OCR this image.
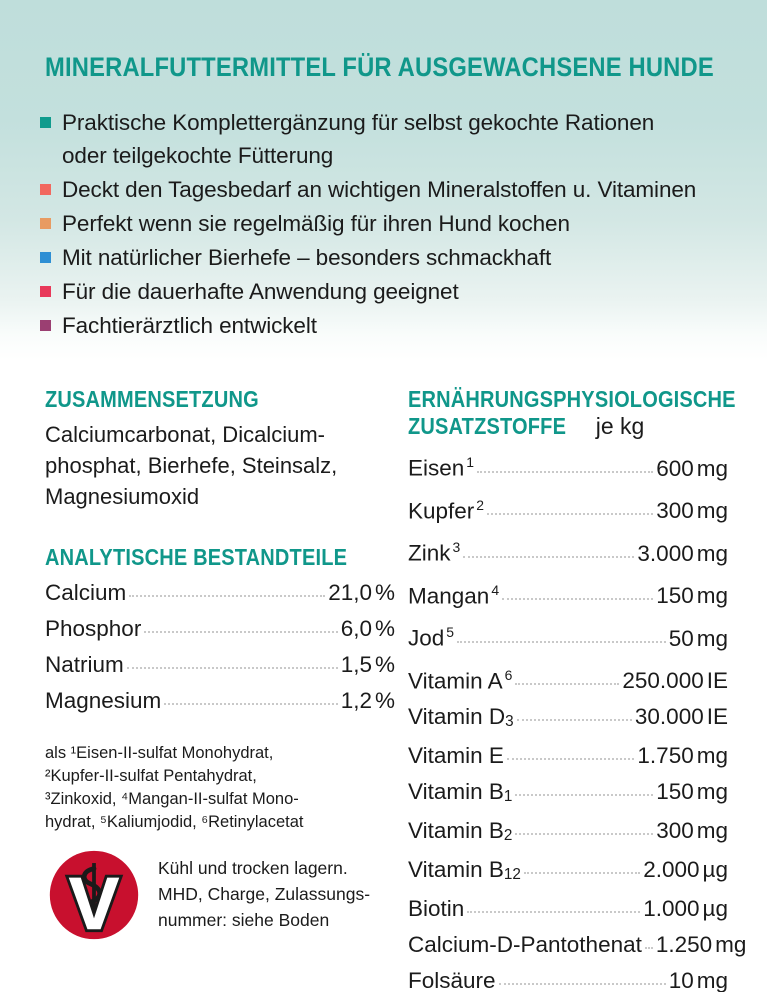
MINERALFUTTERMITTEL FÜR AUSGEWACHSENE HUNDE
Praktische Komplettergänzung für selbst gekochte Rationen
oder teilgekochte Fütterung
Deckt den Tagesbedarf an wichtigen Mineralstoffen u. Vitaminen
Perfekt wenn sie regelmäßig für ihren Hund kochen
Mit natürlicher Bierhefe – besonders schmackhaft
Für die dauerhafte Anwendung geeignet
Fachtierärztlich entwickelt
ZUSAMMENSETZUNG
Calciumcarbonat, Dicalcium-
phosphat, Bierhefe, Steinsalz,
Magnesiumoxid
ANALYTISCHE BESTANDTEILE
Calcium	21,0 %
Phosphor	6,0 %
Natrium	1,5 %
Magnesium	1,2 %
ERNÄHRUNGSPHYSIOLOGISCHE
ZUSATZSTOFFE je kg
Eisen $^1$	600 mg
Kupfer $^2$	300 mg
Zink $^3$	3.000 mg
Mangan $^4$	150 mg
Jod $^5$	50 mg
Vitamin A $^6$	250.000 IE
Vitamin $D_3$	30.000 IE
Vitamin E	1.750 mg
Vitamin $B_1$	150 mg
Vitamin $B_2$	300 mg
Vitamin $B_{12}$	2.000 µg
Biotin	1.000 µg
Calcium-D-Pantothenat 1.250 mg
Folsäure	10 mg
als ¹Eisen-II-sulfat Monohydrat,
²Kupfer-II-sulfat Pentahydrat,
³Zinkoxid, ⁴Mangan-II-sulfat Mono-
hydrat, ⁵Kaliumjodid, ⁶Retinylacetat
Kühl und trocken lagern.
MHD, Charge, Zulassungs-
nummer: siehe Boden
